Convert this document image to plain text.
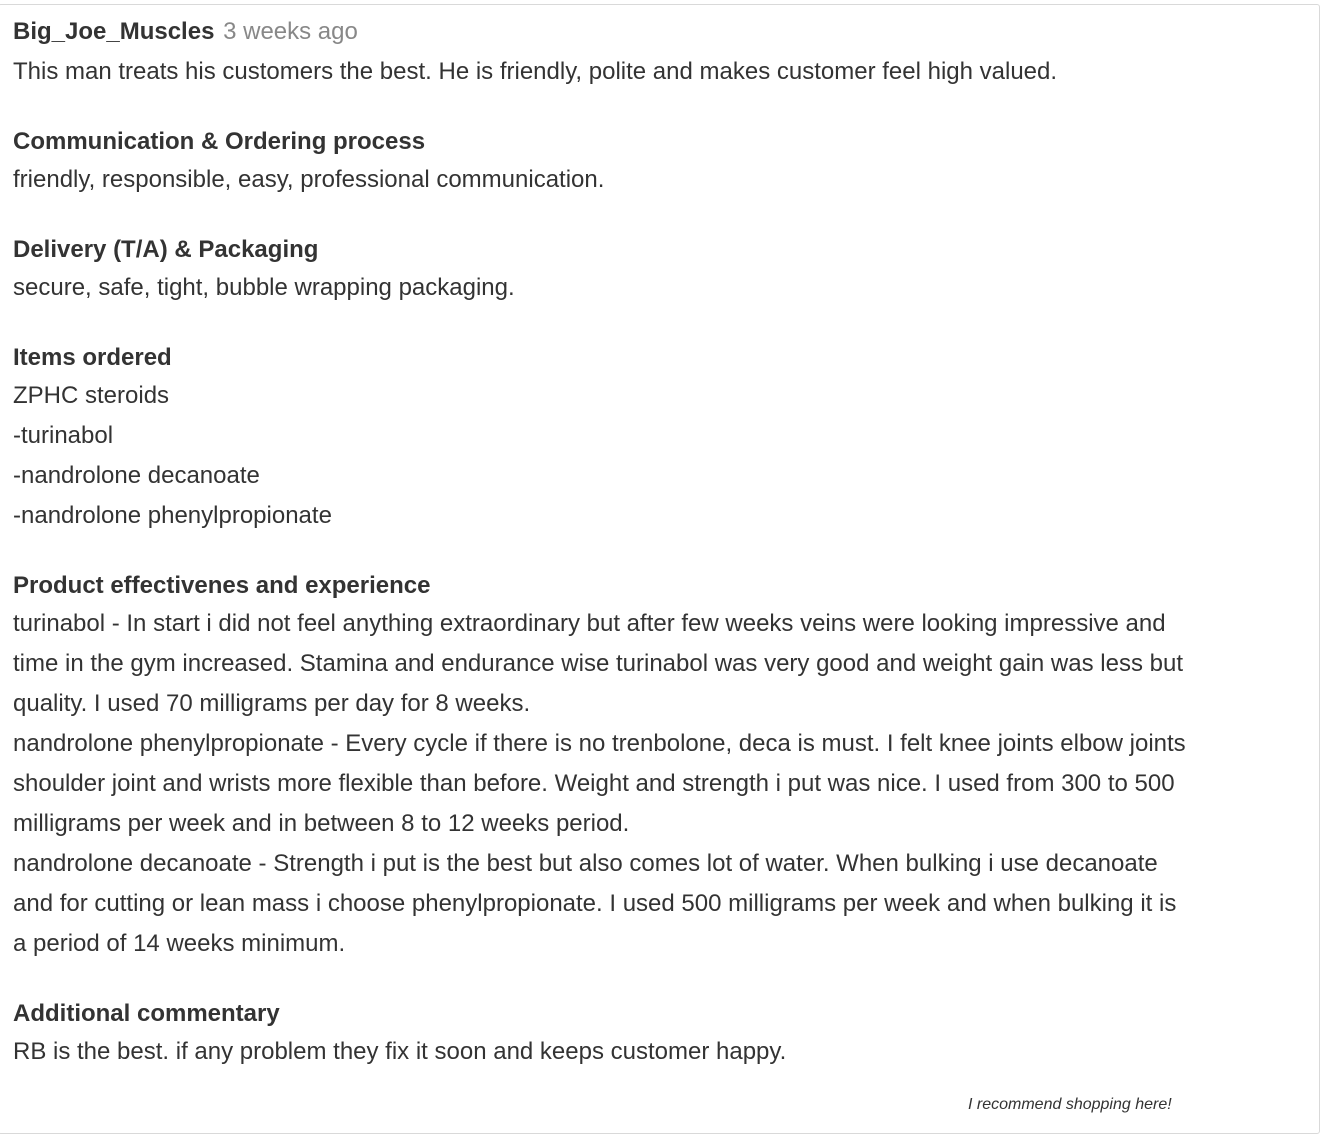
Big_Joe_Muscles 3 weeks ago
This man treats his customers the best. He is friendly, polite and makes customer feel high valued.
Communication & Ordering process
friendly, responsible, easy, professional communication.
Delivery (T/A) & Packaging
secure, safe, tight, bubble wrapping packaging.
Items ordered
ZPHC steroids
-turinabol
-nandrolone decanoate
-nandrolone phenylpropionate
Product effectivenes and experience
turinabol - In start i did not feel anything extraordinary but after few weeks veins were looking impressive and
time in the gym increased. Stamina and endurance wise turinabol was very good and weight gain was less but
quality. I used 70 milligrams per day for 8 weeks.
nandrolone phenylpropionate - Every cycle if there is no trenbolone, deca is must. I felt knee joints elbow joints
shoulder joint and wrists more flexible than before. Weight and strength i put was nice. I used from 300 to 500
milligrams per week and in between 8 to 12 weeks period.
nandrolone decanoate - Strength i put is the best but also comes lot of water. When bulking i use decanoate
and for cutting or lean mass i choose phenylpropionate. I used 500 milligrams per week and when bulking it is
a period of 14 weeks minimum.
Additional commentary
RB is the best. if any problem they fix it soon and keeps customer happy.
I recommend shopping here!
